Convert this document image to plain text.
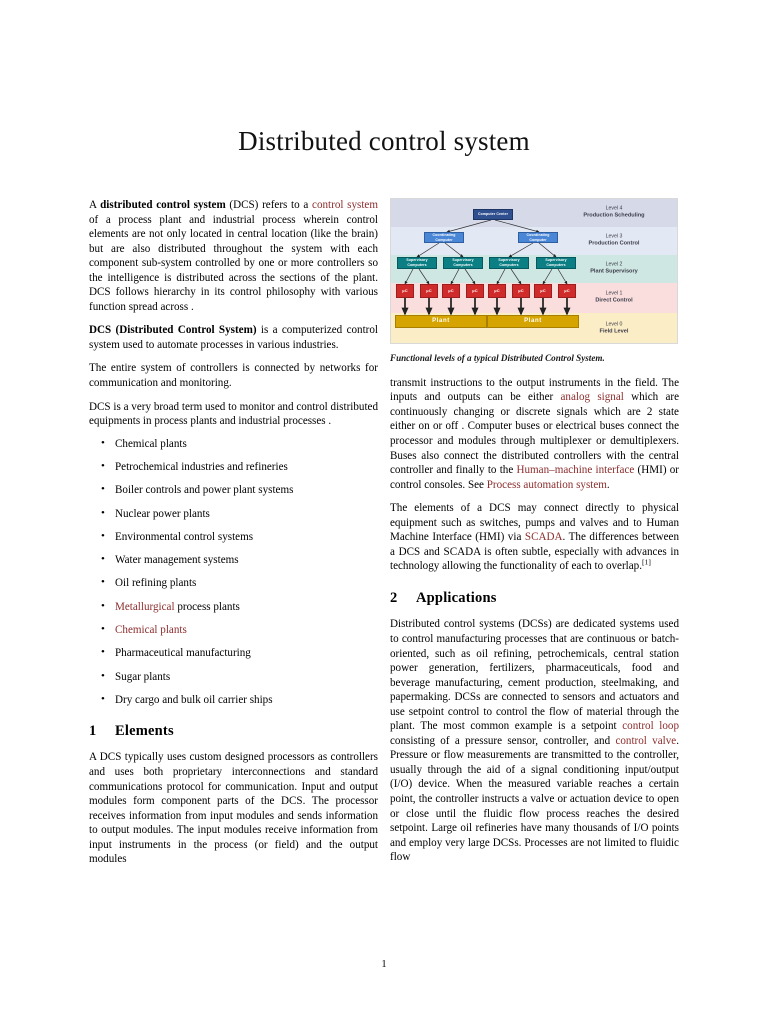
Distributed control system

A distributed control system (DCS) refers to a control system of a process plant and industrial process wherein control elements are not only located in central location (like the brain) but are also distributed throughout the system with each component sub-system controlled by one or more controllers so the intelligence is distributed across the sections of the plant. DCS follows hierarchy in its control philosophy with various function spread across .

DCS (Distributed Control System) is a computerized control system used to automate processes in various industries.

The entire system of controllers is connected by networks for communication and monitoring.

DCS is a very broad term used to monitor and control distributed equipments in process plants and industrial processes .

• Chemical plants
• Petrochemical industries and refineries
• Boiler controls and power plant systems
• Nuclear power plants
• Environmental control systems
• Water management systems
• Oil refining plants
• Metallurgical process plants
• Chemical plants
• Pharmaceutical manufacturing
• Sugar plants
• Dry cargo and bulk oil carrier ships
1 Elements

A DCS typically uses custom designed processors as controllers and uses both proprietary interconnections and standard communications protocol for communication. Input and output modules form component parts of the DCS. The processor receives information from input modules and sends information to output modules. The input modules receive information from input instruments in the process (or field) and the output modules

Level 0
Field Level
Level 1
Direct Control
Level 2
Plant Supervisory
Level 3
Production Control
Level 4
Production Scheduling
Computer Center
Coordinating Computer
Coordinating Computer
Supervisory Computers
Supervisory Computers
Supervisory Computers
Supervisory Computers
µC	µC	µC	µC	µC	µC	µC	µC
Plant	Plant
Functional levels of a typical Distributed Control System.

transmit instructions to the output instruments in the field. The inputs and outputs can be either analog signal which are continuously changing or discrete signals which are 2 state either on or off . Computer buses or electrical buses connect the processor and modules through multiplexer or demultiplexers. Buses also connect the distributed controllers with the central controller and finally to the Human–machine interface (HMI) or control consoles. See Process automation system.

The elements of a DCS may connect directly to physical equipment such as switches, pumps and valves and to Human Machine Interface (HMI) via SCADA. The differences between a DCS and SCADA is often subtle, especially with advances in technology allowing the functionality of each to overlap.[1]

2 Applications

Distributed control systems (DCSs) are dedicated systems used to control manufacturing processes that are continuous or batch-oriented, such as oil refining, petrochemicals, central station power generation, fertilizers, pharmaceuticals, food and beverage manufacturing, cement production, steelmaking, and papermaking. DCSs are connected to sensors and actuators and use setpoint control to control the flow of material through the plant. The most common example is a setpoint control loop consisting of a pressure sensor, controller, and control valve. Pressure or flow measurements are transmitted to the controller, usually through the aid of a signal conditioning input/output (I/O) device. When the measured variable reaches a certain point, the controller instructs a valve or actuation device to open or close until the fluidic flow process reaches the desired setpoint. Large oil refineries have many thousands of I/O points and employ very large DCSs. Processes are not limited to fluidic flow

1
